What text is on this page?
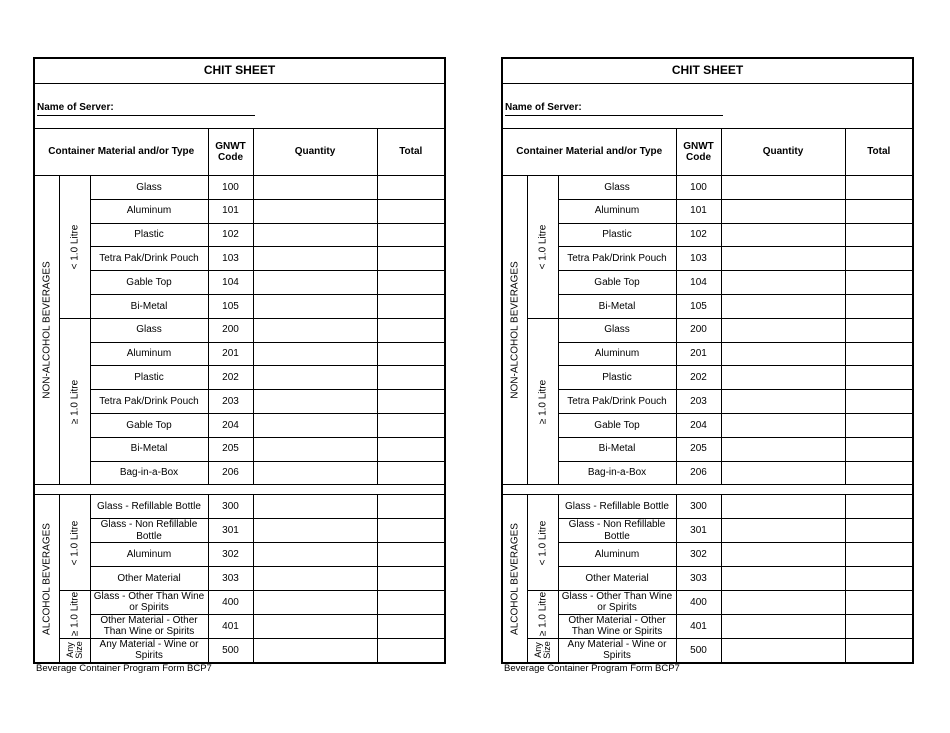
CHIT SHEET					

Name of Server:					

Container Material and/or Type			GNWT Code	Quantity	Total

NON-ALCOHOL BEVERAGES	< 1.0 Litre	Glass	100		
		Aluminum	101		
		Plastic	102		
		Tetra Pak/Drink Pouch	103		
		Gable Top	104		
		Bi-Metal	105		

	≥ 1.0 Litre	Glass	200		
		Aluminum	201		
		Plastic	202		
		Tetra Pak/Drink Pouch	203		
		Gable Top	204		
		Bi-Metal	205		
		Bag-in-a-Box	206		

ALCOHOL BEVERAGES	< 1.0 Litre	Glass - Refillable Bottle	300		
		Glass - Non Refillable Bottle	301		
		Aluminum	302		
		Other Material	303		

	≥ 1.0 Litre	Glass - Other Than Wine or Spirits	400		
		Other Material - Other Than Wine or Spirits	401		

	Any Size	Any Material - Wine or Spirits	500		
Beverage Container Program Form BCP7
CHIT SHEET					

Name of Server:					

Container Material and/or Type			GNWT Code	Quantity	Total

NON-ALCOHOL BEVERAGES	< 1.0 Litre	Glass	100		
		Aluminum	101		
		Plastic	102		
		Tetra Pak/Drink Pouch	103		
		Gable Top	104		
		Bi-Metal	105		

	≥ 1.0 Litre	Glass	200		
		Aluminum	201		
		Plastic	202		
		Tetra Pak/Drink Pouch	203		
		Gable Top	204		
		Bi-Metal	205		
		Bag-in-a-Box	206		

ALCOHOL BEVERAGES	< 1.0 Litre	Glass - Refillable Bottle	300		
		Glass - Non Refillable Bottle	301		
		Aluminum	302		
		Other Material	303		

	≥ 1.0 Litre	Glass - Other Than Wine or Spirits	400		
		Other Material - Other Than Wine or Spirits	401		

	Any Size	Any Material - Wine or Spirits	500		
Beverage Container Program Form BCP7
